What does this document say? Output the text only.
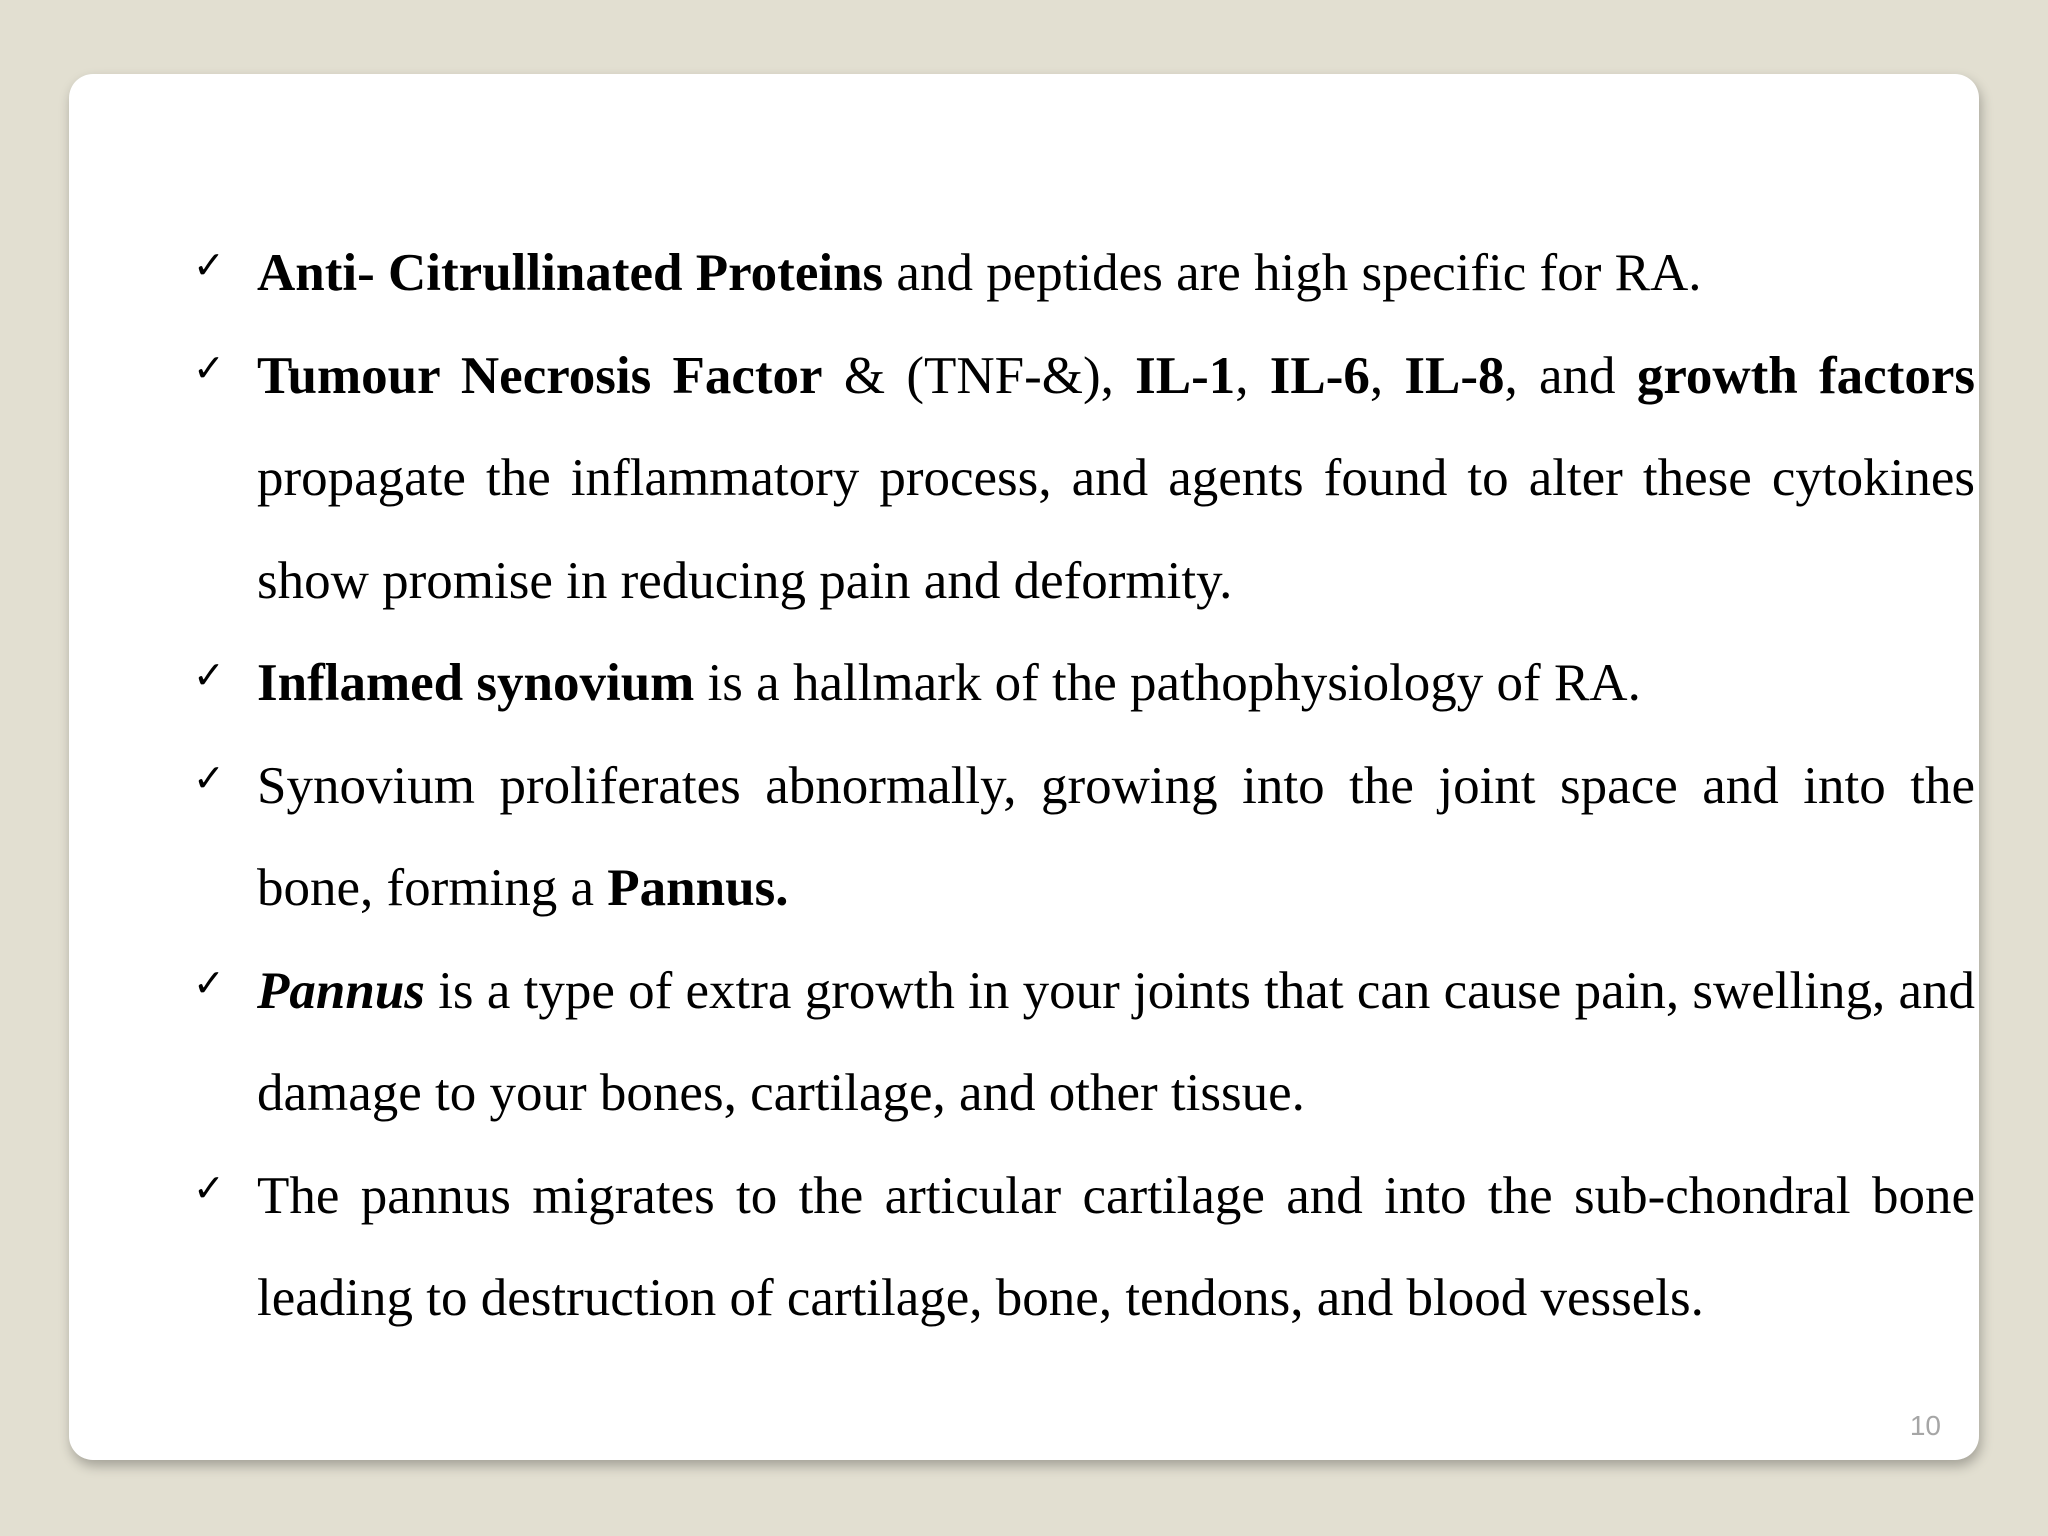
✓ Anti- Citrullinated Proteins and peptides are high specific for RA.
✓ Tumour Necrosis Factor & (TNF-&), IL-1, IL-6, IL-8, and growth factors propagate the inflammatory process, and agents found to alter these cytokines show promise in reducing pain and deformity.
✓ Inflamed synovium is a hallmark of the pathophysiology of RA.
✓ Synovium proliferates abnormally, growing into the joint space and into the bone, forming a Pannus.
✓ Pannus is a type of extra growth in your joints that can cause pain, swelling, and damage to your bones, cartilage, and other tissue.
✓ The pannus migrates to the articular cartilage and into the sub-chondral bone leading to destruction of cartilage, bone, tendons, and blood vessels.
10
